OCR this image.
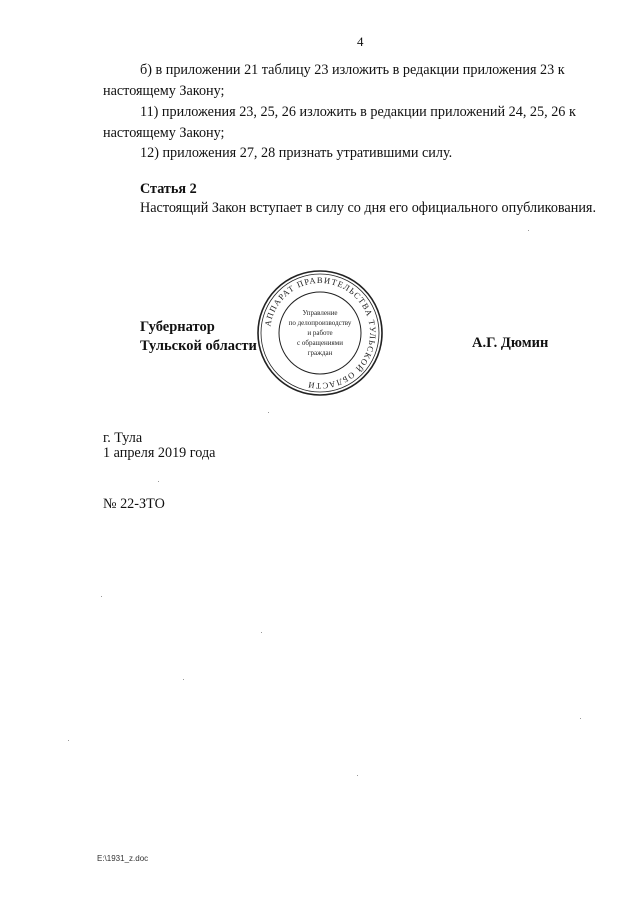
4
б) в приложении 21 таблицу 23 изложить в редакции приложения 23 к настоящему Закону;
11) приложения 23, 25, 26 изложить в редакции приложений 24, 25, 26 к настоящему Закону;
12) приложения 27, 28 признать утратившими силу.
Статья 2
Настоящий Закон вступает в силу со дня его официального опубликования.
Губернатор
Тульской области
АППАРАТ ПРАВИТЕЛЬСТВА ТУЛЬСКОЙ ОБЛАСТИ
Управление
по делопроизводству
и работе
с обращениями
граждан
А.Г. Дюмин
г. Тула
1 апреля 2019 года
№ 22-ЗТО
E:\1931_z.doc
